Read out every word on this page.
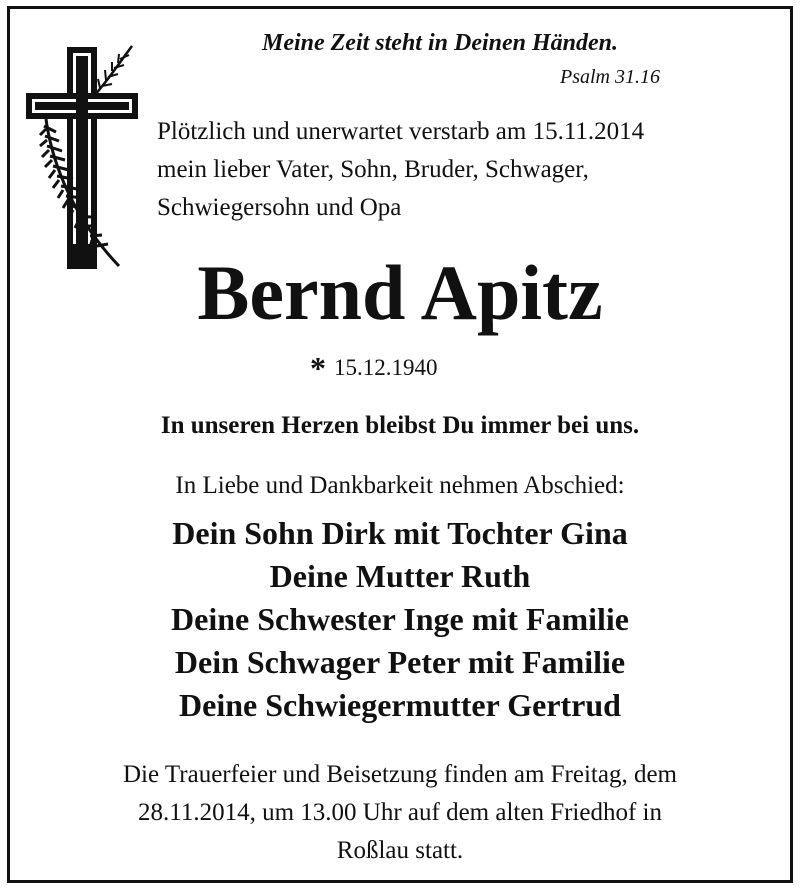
Meine Zeit steht in Deinen Händen.
Psalm 31.16
Plötzlich und unerwartet verstarb am 15.11.2014
mein lieber Vater, Sohn, Bruder, Schwager,
Schwiegersohn und Opa
Bernd Apitz
* 15.12.1940
In unseren Herzen bleibst Du immer bei uns.
In Liebe und Dankbarkeit nehmen Abschied:
Dein Sohn Dirk mit Tochter Gina
Deine Mutter Ruth
Deine Schwester Inge mit Familie
Dein Schwager Peter mit Familie
Deine Schwiegermutter Gertrud
Die Trauerfeier und Beisetzung finden am Freitag, dem
28.11.2014, um 13.00 Uhr auf dem alten Friedhof in
Roßlau statt.
